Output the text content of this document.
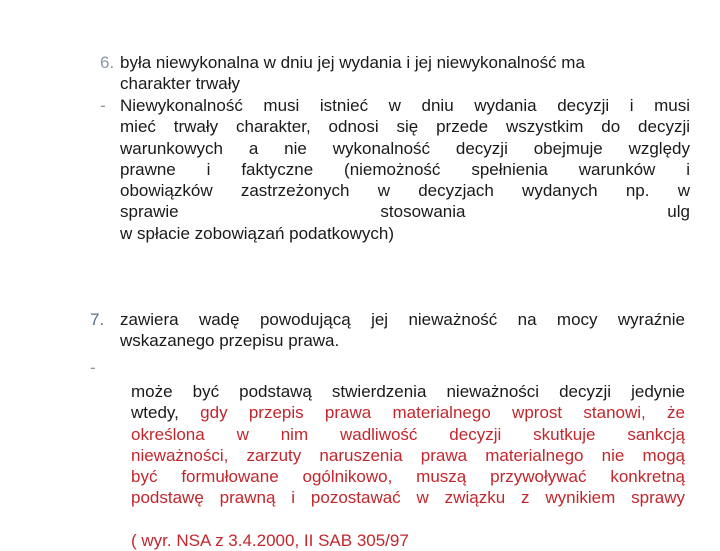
6. była niewykonalna w dniu jej wydania i jej niewykonalność ma
charakter trwały
- Niewykonalność musi istnieć w dniu wydania decyzji i musi
mieć trwały charakter, odnosi się przede wszystkim do decyzji
warunkowych a nie wykonalność decyzji obejmuje względy
prawne i faktyczne (niemożność spełnienia warunków i
obowiązków zastrzeżonych w decyzjach wydanych np. w
sprawie stosowania ulg
w spłacie zobowiązań podatkowych)
7. zawiera wadę powodującą jej nieważność na mocy wyraźnie
wskazanego przepisu prawa.
-
może być podstawą stwierdzenia nieważności decyzji jedynie
wtedy, gdy przepis prawa materialnego wprost stanowi, że
określona w nim wadliwość decyzji skutkuje sankcją
nieważności, zarzuty naruszenia prawa materialnego nie mogą
być formułowane ogólnikowo, muszą przywoływać konkretną
podstawę prawną i pozostawać w związku z wynikiem sprawy
( wyr. NSA z 3.4.2000, II SAB 305/97
